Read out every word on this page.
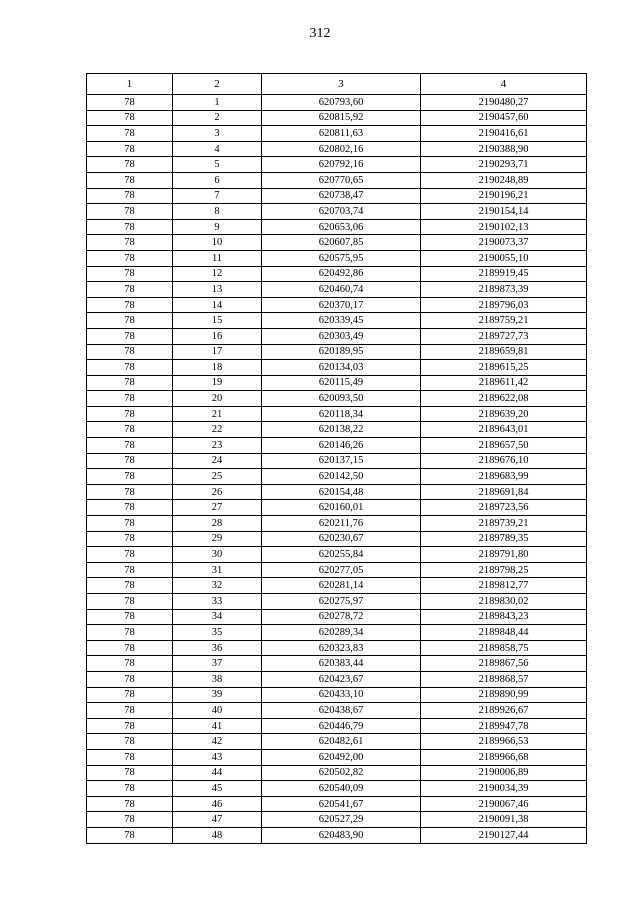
312
1	2	3	4
78	1	620793,60	2190480,27
78	2	620815,92	2190457,60
78	3	620811,63	2190416,61
78	4	620802,16	2190388,90
78	5	620792,16	2190293,71
78	6	620770,65	2190248,89
78	7	620738,47	2190196,21
78	8	620703,74	2190154,14
78	9	620653,06	2190102,13
78	10	620607,85	2190073,37
78	11	620575,95	2190055,10
78	12	620492,86	2189919,45
78	13	620460,74	2189873,39
78	14	620370,17	2189796,03
78	15	620339,45	2189759,21
78	16	620303,49	2189727,73
78	17	620189,95	2189659,81
78	18	620134,03	2189615,25
78	19	620115,49	2189611,42
78	20	620093,50	2189622,08
78	21	620118,34	2189639,20
78	22	620138,22	2189643,01
78	23	620146,26	2189657,50
78	24	620137,15	2189676,10
78	25	620142,50	2189683,99
78	26	620154,48	2189691,84
78	27	620160,01	2189723,56
78	28	620211,76	2189739,21
78	29	620230,67	2189789,35
78	30	620255,84	2189791,80
78	31	620277,05	2189798,25
78	32	620281,14	2189812,77
78	33	620275,97	2189830,02
78	34	620278,72	2189843,23
78	35	620289,34	2189848,44
78	36	620323,83	2189858,75
78	37	620383,44	2189867,56
78	38	620423,67	2189868,57
78	39	620433,10	2189890,99
78	40	620438,67	2189926,67
78	41	620446,79	2189947,78
78	42	620482,61	2189966,53
78	43	620492,00	2189966,68
78	44	620502,82	2190006,89
78	45	620540,09	2190034,39
78	46	620541,67	2190067,46
78	47	620527,29	2190091,38
78	48	620483,90	2190127,44
